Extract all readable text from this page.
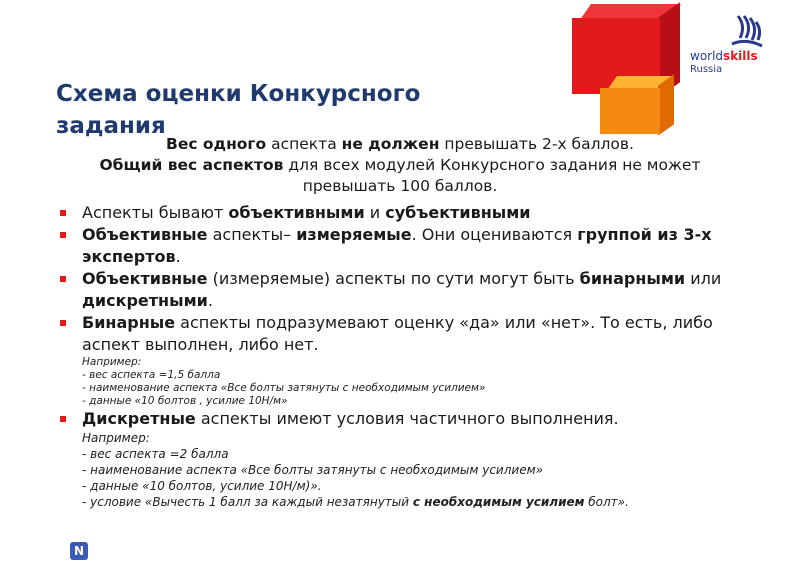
worldskills
Russia
Схема оценки Конкурсного задания
Вес одного аспекта не должен превышать 2-х баллов.
Общий вес аспектов для всех модулей Конкурсного задания не может превышать 100 баллов.
Аспекты бывают объективными и субъективными
Объективные аспекты– измеряемые. Они оцениваются группой из 3-х экспертов.
Объективные (измеряемые) аспекты по сути могут быть бинарными или дискретными.
Бинарные аспекты подразумевают оценку «да» или «нет». То есть, либо аспект выполнен, либо нет.
Например:
- вес аспекта =1,5 балла
- наименование аспекта «Все болты затянуты с необходимым усилием»
- данные «10 болтов , усилие 10Н/м»
Дискретные аспекты имеют условия частичного выполнения.
Например:
- вес аспекта =2 балла
- наименование аспекта «Все болты затянуты с необходимым усилием»
- данные «10 болтов, усилие 10Н/м)».
- условие «Вычесть 1 балл за каждый незатянутый с необходимым усилием болт».
N
